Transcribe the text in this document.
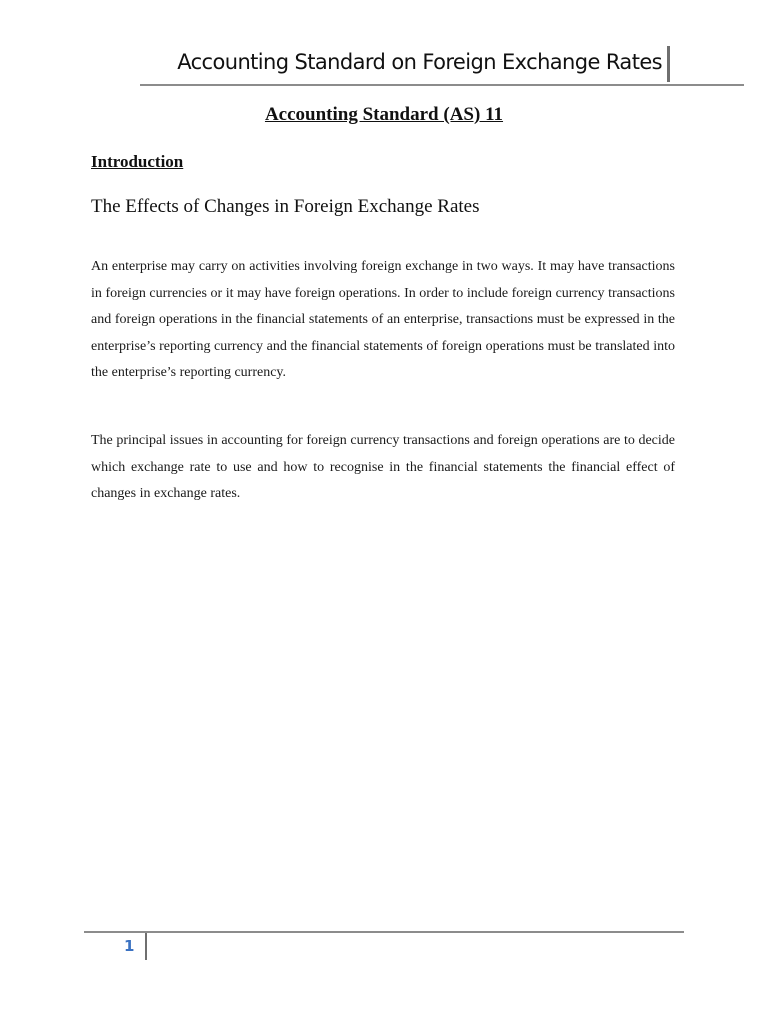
Accounting Standard on Foreign Exchange Rates
Accounting Standard (AS) 11
Introduction
The Effects of Changes in Foreign Exchange Rates

An enterprise may carry on activities involving foreign exchange in two ways. It may have transactions in foreign currencies or it may have foreign operations. In order to include foreign currency transactions and foreign operations in the financial statements of an enterprise, transactions must be expressed in the enterprise’s reporting currency and the financial statements of foreign operations must be translated into the enterprise’s reporting currency.

The principal issues in accounting for foreign currency transactions and foreign operations are to decide which exchange rate to use and how to recognise in the financial statements the financial effect of changes in exchange rates.

1
